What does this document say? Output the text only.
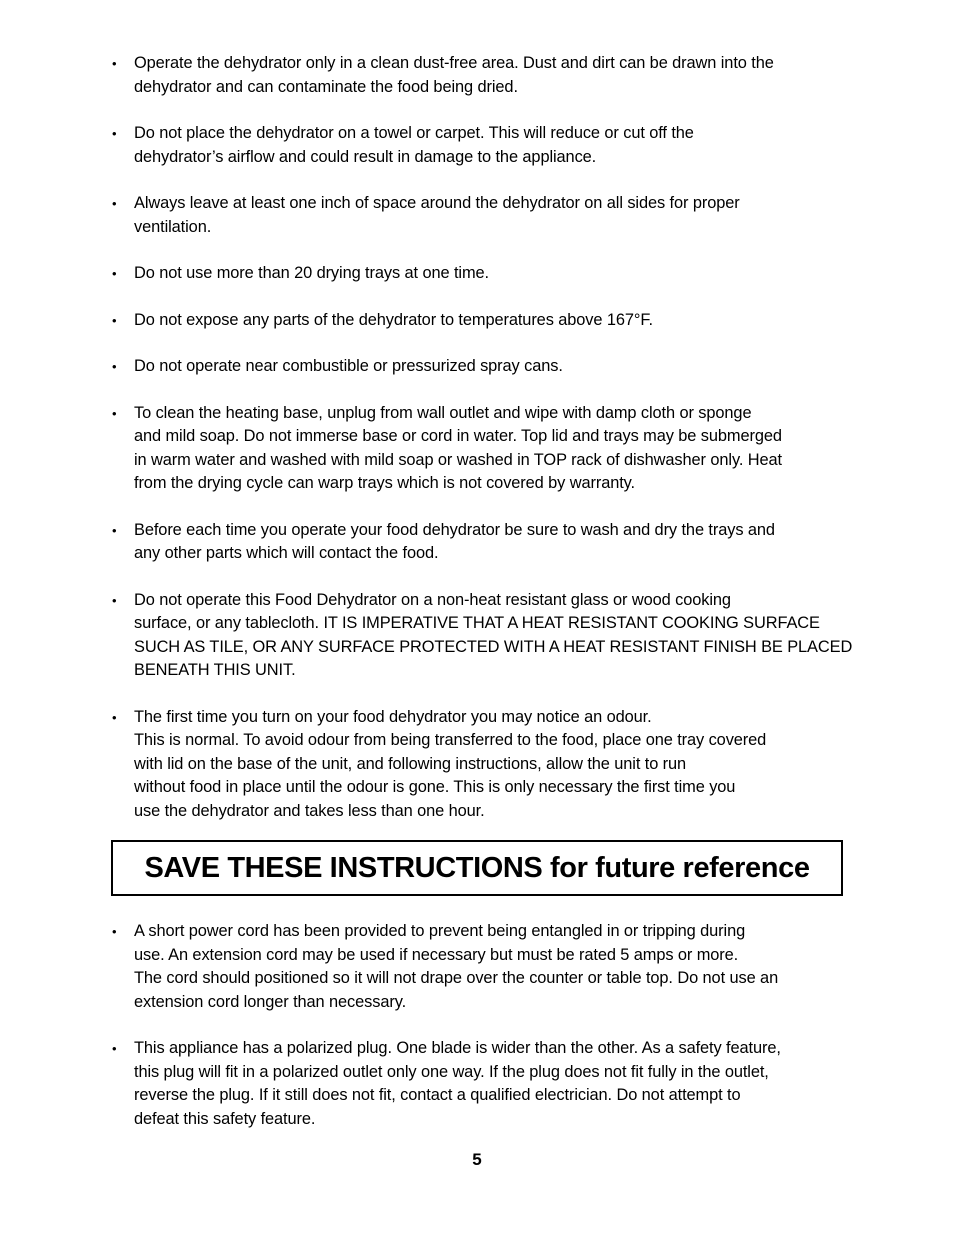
• Operate the dehydrator only in a clean dust-free area. Dust and dirt can be drawn into the
dehydrator and can contaminate the food being dried.
• Do not place the dehydrator on a towel or carpet. This will reduce or cut off the
dehydrator’s airflow and could result in damage to the appliance.
• Always leave at least one inch of space around the dehydrator on all sides for proper
ventilation.
• Do not use more than 20 drying trays at one time.
• Do not expose any parts of the dehydrator to temperatures above 167°F.
• Do not operate near combustible or pressurized spray cans.
• To clean the heating base, unplug from wall outlet and wipe with damp cloth or sponge
and mild soap. Do not immerse base or cord in water. Top lid and trays may be submerged
in warm water and washed with mild soap or washed in TOP rack of dishwasher only. Heat
from the drying cycle can warp trays which is not covered by warranty.
• Before each time you operate your food dehydrator be sure to wash and dry the trays and
any other parts which will contact the food.
• Do not operate this Food Dehydrator on a non-heat resistant glass or wood cooking
surface, or any tablecloth. IT IS IMPERATIVE THAT A HEAT RESISTANT COOKING SURFACE
SUCH AS TILE, OR ANY SURFACE PROTECTED WITH A HEAT RESISTANT FINISH BE PLACED
BENEATH THIS UNIT.
• The first time you turn on your food dehydrator you may notice an odour.
This is normal. To avoid odour from being transferred to the food, place one tray covered
with lid on the base of the unit, and following instructions, allow the unit to run
without food in place until the odour is gone. This is only necessary the first time you
use the dehydrator and takes less than one hour.
SAVE THESE INSTRUCTIONS for future reference
• A short power cord has been provided to prevent being entangled in or tripping during
use. An extension cord may be used if necessary but must be rated 5 amps or more.
The cord should positioned so it will not drape over the counter or table top. Do not use an
extension cord longer than necessary.
• This appliance has a polarized plug. One blade is wider than the other. As a safety feature,
this plug will fit in a polarized outlet only one way. If the plug does not fit fully in the outlet,
reverse the plug. If it still does not fit, contact a qualified electrician. Do not attempt to
defeat this safety feature.
5
